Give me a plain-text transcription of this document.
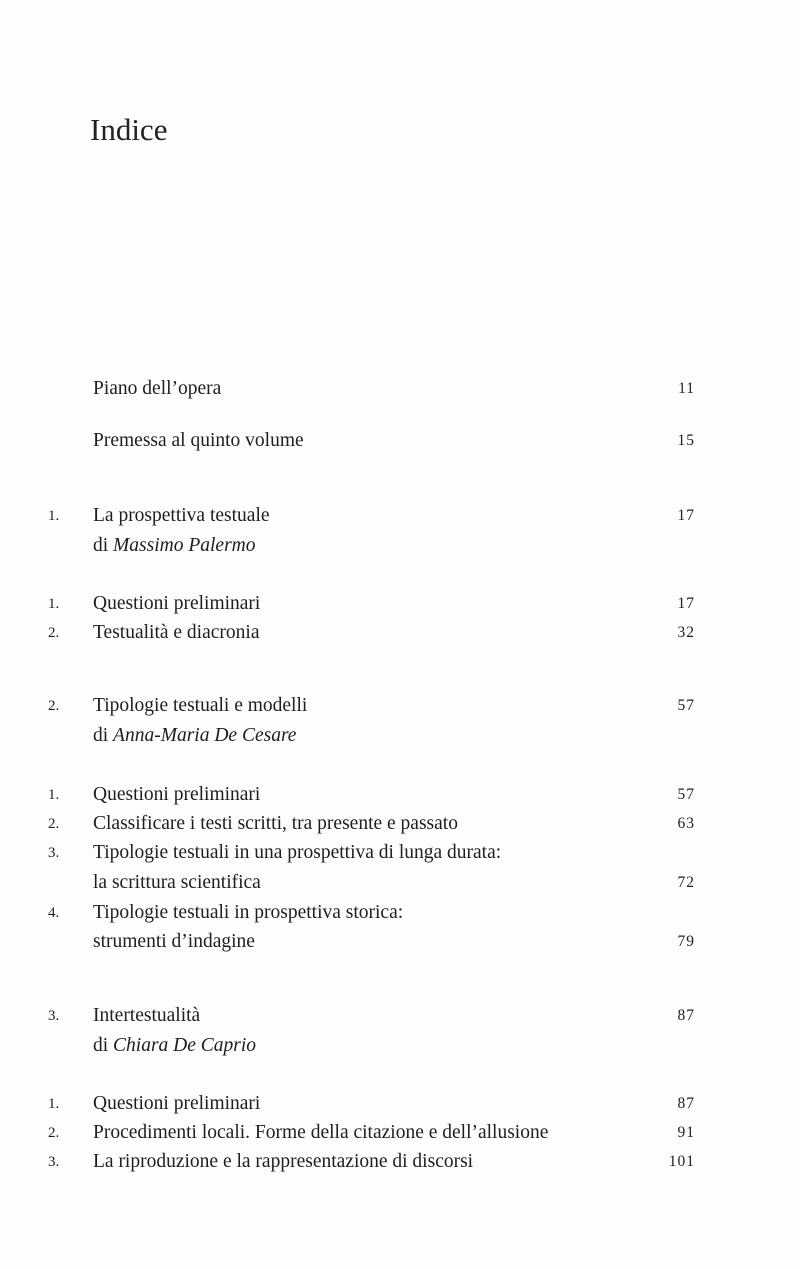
Indice
Piano dell’opera	11
Premessa al quinto volume	15
1.	La prospettiva testuale	17
di Massimo Palermo
1.	Questioni preliminari	17
2.	Testualità e diacronia	32
2.	Tipologie testuali e modelli	57
di Anna-Maria De Cesare
1.	Questioni preliminari	57
2.	Classificare i testi scritti, tra presente e passato	63
3.	Tipologie testuali in una prospettiva di lunga durata:
la scrittura scientifica	72
4.	Tipologie testuali in prospettiva storica:
strumenti d’indagine	79
3.	Intertestualità	87
di Chiara De Caprio
1.	Questioni preliminari	87
2.	Procedimenti locali. Forme della citazione e dell’allusione	91
3.	La riproduzione e la rappresentazione di discorsi	101
